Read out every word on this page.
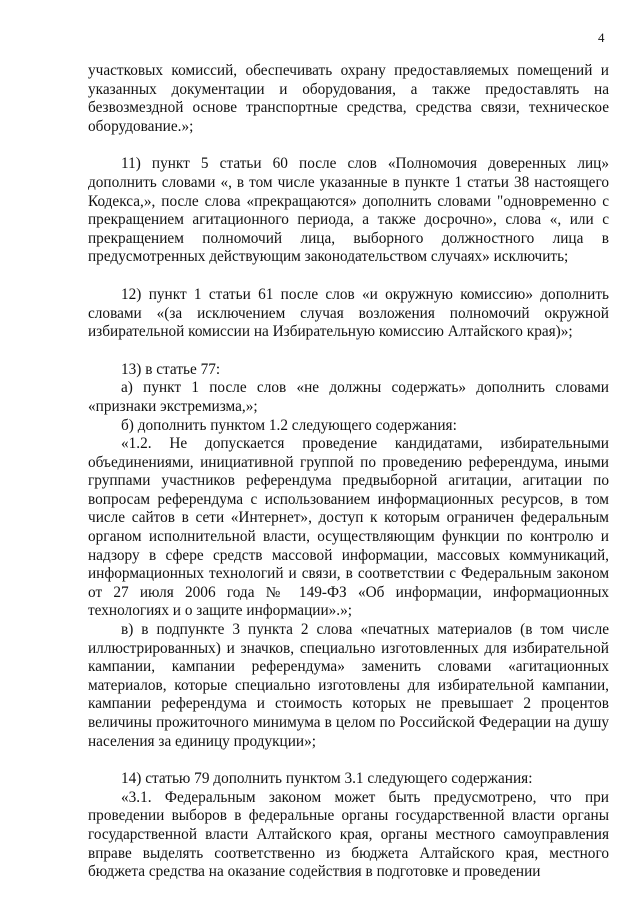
4

участковых комиссий, обеспечивать охрану предоставляемых помещений и указанных документации и оборудования, а также предоставлять на безвозмездной основе транспортные средства, средства связи, техническое оборудование.»;

11) пункт 5 статьи 60 после слов «Полномочия доверенных лиц» дополнить словами «, в том числе указанные в пункте 1 статьи 38 настоящего Кодекса,», после слова «прекращаются» дополнить словами "одновременно с прекращением агитационного периода, а также досрочно», слова «, или с прекращением полномочий лица, выборного должностного лица в предусмотренных действующим законодательством случаях» исключить;

12) пункт 1 статьи 61 после слов «и окружную комиссию» дополнить словами «(за исключением случая возложения полномочий окружной избирательной комиссии на Избирательную комиссию Алтайского края)»;

13) в статье 77:

а) пункт 1 после слов «не должны содержать» дополнить словами «признаки экстремизма,»;

б) дополнить пунктом 1.2 следующего содержания:

«1.2. Не допускается проведение кандидатами, избирательными объединениями, инициативной группой по проведению референдума, иными группами участников референдума предвыборной агитации, агитации по вопросам референдума с использованием информационных ресурсов, в том числе сайтов в сети «Интернет», доступ к которым ограничен федеральным органом исполнительной власти, осуществляющим функции по контролю и надзору в сфере средств массовой информации, массовых коммуникаций, информационных технологий и связи, в соответствии с Федеральным законом от 27 июля 2006 года № 149-ФЗ «Об информации, информационных технологиях и о защите информации».»;

в) в подпункте 3 пункта 2 слова «печатных материалов (в том числе иллюстрированных) и значков, специально изготовленных для избирательной кампании, кампании референдума» заменить словами «агитационных материалов, которые специально изготовлены для избирательной кампании, кампании референдума и стоимость которых не превышает 2 процентов величины прожиточного минимума в целом по Российской Федерации на душу населения за единицу продукции»;

14) статью 79 дополнить пунктом 3.1 следующего содержания:

«3.1. Федеральным законом может быть предусмотрено, что при проведении выборов в федеральные органы государственной власти органы государственной власти Алтайского края, органы местного самоуправления вправе выделять соответственно из бюджета Алтайского края, местного бюджета средства на оказание содействия в подготовке и проведении
